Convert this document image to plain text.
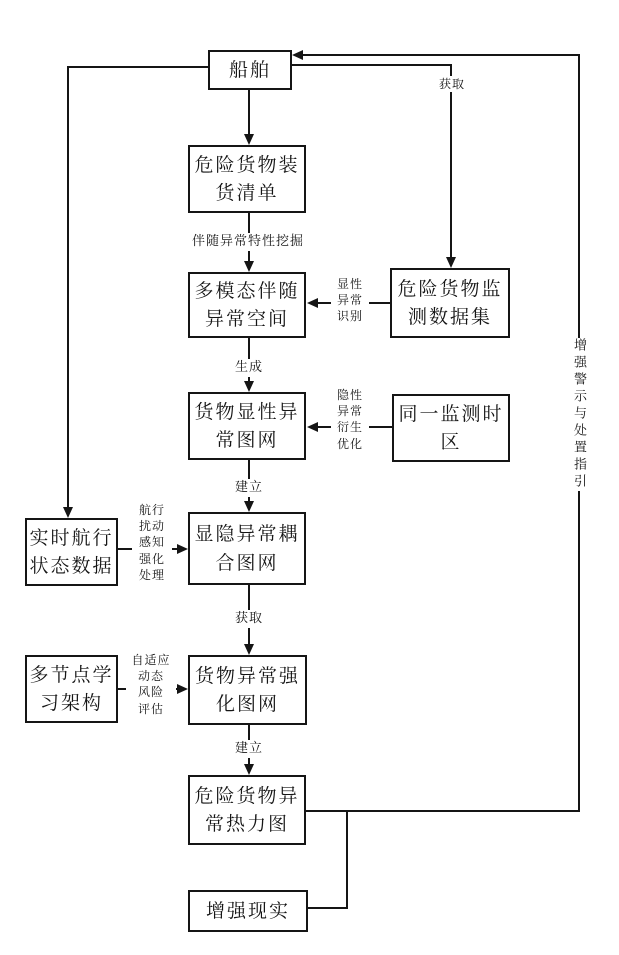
船舶
危险货物装
货清单
多模态伴随
异常空间
危险货物监
测数据集
货物显性异
常图网
同一监测时
区
实时航行
状态数据
显隐异常耦
合图网
多节点学
习架构
货物异常强
化图网
危险货物异
常热力图
增强现实
获取
伴随异常特性挖掘
显性
异常
识别
生成
隐性
异常
衍生
优化
建立
航行
扰动
感知
强化
处理
获取
自适应
动态
风险
评估
建立
增强警示与处置指引
